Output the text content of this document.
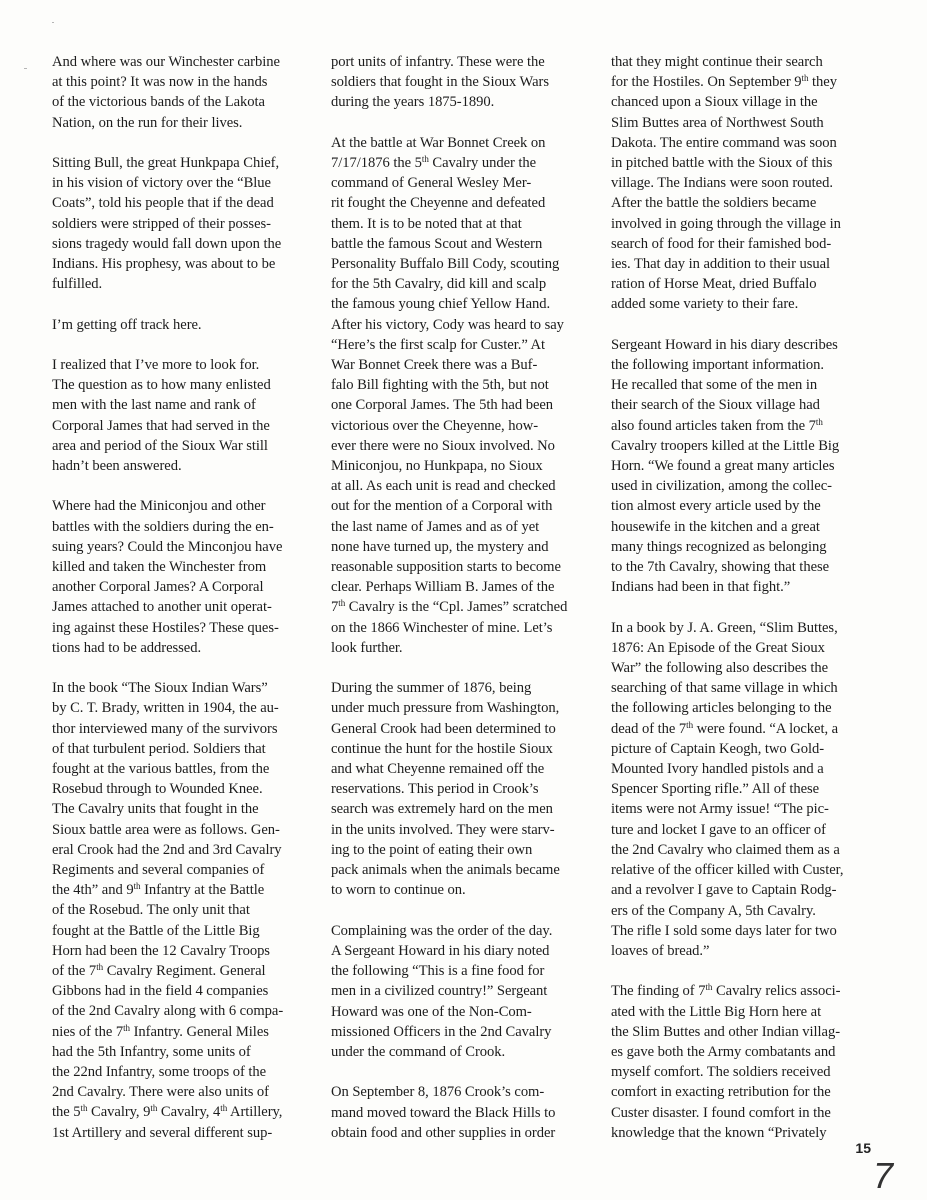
And where was our Winchester carbine
at this point? It was now in the hands
of the victorious bands of the Lakota
Nation, on the run for their lives.
Sitting Bull, the great Hunkpapa Chief,
in his vision of victory over the “Blue
Coats”, told his people that if the dead
soldiers were stripped of their posses-
sions tragedy would fall down upon the
Indians. His prophesy, was about to be
fulfilled.
I’m getting off track here.
I realized that I’ve more to look for.
The question as to how many enlisted
men with the last name and rank of
Corporal James that had served in the
area and period of the Sioux War still
hadn’t been answered.
Where had the Miniconjou and other
battles with the soldiers during the en-
suing years? Could the Minconjou have
killed and taken the Winchester from
another Corporal James? A Corporal
James attached to another unit operat-
ing against these Hostiles? These ques-
tions had to be addressed.
In the book “The Sioux Indian Wars”
by C. T. Brady, written in 1904, the au-
thor interviewed many of the survivors
of that turbulent period. Soldiers that
fought at the various battles, from the
Rosebud through to Wounded Knee.
The Cavalry units that fought in the
Sioux battle area were as follows. Gen-
eral Crook had the 2nd and 3rd Cavalry
Regiments and several companies of
the 4th” and 9th Infantry at the Battle
of the Rosebud. The only unit that
fought at the Battle of the Little Big
Horn had been the 12 Cavalry Troops
of the 7th Cavalry Regiment. General
Gibbons had in the field 4 companies
of the 2nd Cavalry along with 6 compa-
nies of the 7th Infantry. General Miles
had the 5th Infantry, some units of
the 22nd Infantry, some troops of the
2nd Cavalry. There were also units of
the 5th Cavalry, 9th Cavalry, 4th Artillery,
1st Artillery and several different sup-
port units of infantry. These were the
soldiers that fought in the Sioux Wars
during the years 1875-1890.
At the battle at War Bonnet Creek on
7/17/1876 the 5th Cavalry under the
command of General Wesley Mer-
rit fought the Cheyenne and defeated
them. It is to be noted that at that
battle the famous Scout and Western
Personality Buffalo Bill Cody, scouting
for the 5th Cavalry, did kill and scalp
the famous young chief Yellow Hand.
After his victory, Cody was heard to say
“Here’s the first scalp for Custer.” At
War Bonnet Creek there was a Buf-
falo Bill fighting with the 5th, but not
one Corporal James. The 5th had been
victorious over the Cheyenne, how-
ever there were no Sioux involved. No
Miniconjou, no Hunkpapa, no Sioux
at all. As each unit is read and checked
out for the mention of a Corporal with
the last name of James and as of yet
none have turned up, the mystery and
reasonable supposition starts to become
clear. Perhaps William B. James of the
7th Cavalry is the “Cpl. James” scratched
on the 1866 Winchester of mine. Let’s
look further.
During the summer of 1876, being
under much pressure from Washington,
General Crook had been determined to
continue the hunt for the hostile Sioux
and what Cheyenne remained off the
reservations. This period in Crook’s
search was extremely hard on the men
in the units involved. They were starv-
ing to the point of eating their own
pack animals when the animals became
to worn to continue on.
Complaining was the order of the day.
A Sergeant Howard in his diary noted
the following “This is a fine food for
men in a civilized country!” Sergeant
Howard was one of the Non-Com-
missioned Officers in the 2nd Cavalry
under the command of Crook.
On September 8, 1876 Crook’s com-
mand moved toward the Black Hills to
obtain food and other supplies in order
that they might continue their search
for the Hostiles. On September 9th they
chanced upon a Sioux village in the
Slim Buttes area of Northwest South
Dakota. The entire command was soon
in pitched battle with the Sioux of this
village. The Indians were soon routed.
After the battle the soldiers became
involved in going through the village in
search of food for their famished bod-
ies. That day in addition to their usual
ration of Horse Meat, dried Buffalo
added some variety to their fare.
Sergeant Howard in his diary describes
the following important information.
He recalled that some of the men in
their search of the Sioux village had
also found articles taken from the 7th
Cavalry troopers killed at the Little Big
Horn. “We found a great many articles
used in civilization, among the collec-
tion almost every article used by the
housewife in the kitchen and a great
many things recognized as belonging
to the 7th Cavalry, showing that these
Indians had been in that fight.”
In a book by J. A. Green, “Slim Buttes,
1876: An Episode of the Great Sioux
War” the following also describes the
searching of that same village in which
the following articles belonging to the
dead of the 7th were found. “A locket, a
picture of Captain Keogh, two Gold-
Mounted Ivory handled pistols and a
Spencer Sporting rifle.” All of these
items were not Army issue! “The pic-
ture and locket I gave to an officer of
the 2nd Cavalry who claimed them as a
relative of the officer killed with Custer,
and a revolver I gave to Captain Rodg-
ers of the Company A, 5th Cavalry.
The rifle I sold some days later for two
loaves of bread.”
The finding of 7th Cavalry relics associ-
ated with the Little Big Horn here at
the Slim Buttes and other Indian villag-
es gave both the Army combatants and
myself comfort. The soldiers received
comfort in exacting retribution for the
Custer disaster. I found comfort in the
knowledge that the known “Privately
15
7
